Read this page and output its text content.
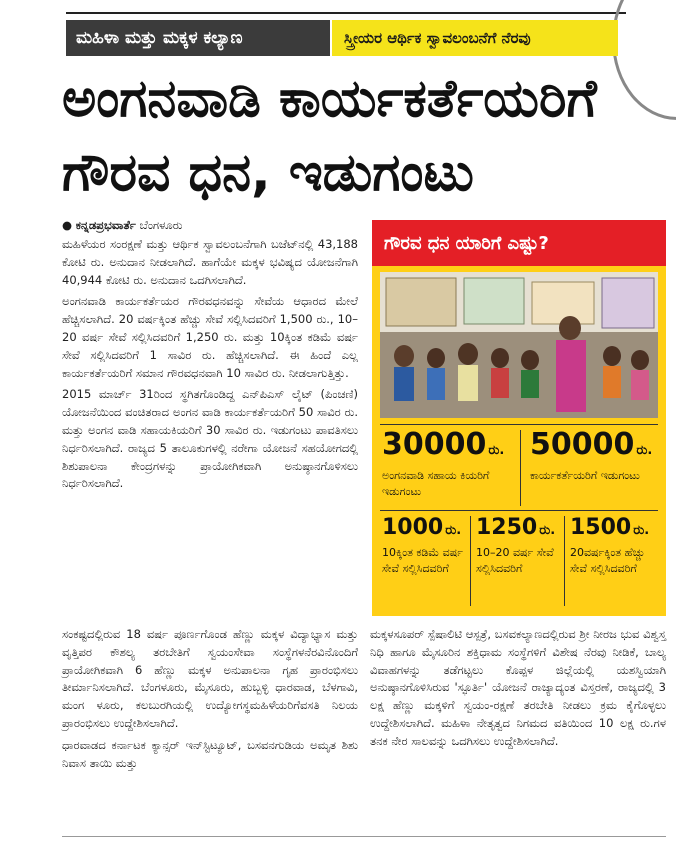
ಮಹಿಳಾ ಮತ್ತು ಮಕ್ಕಳ ಕಲ್ಯಾಣ	ಸ್ತ್ರೀಯರ ಆರ್ಥಿಕ ಸ್ವಾವಲಂಬನೆಗೆ ನೆರವು
ಅಂಗನವಾಡಿ ಕಾರ್ಯಕರ್ತೆಯರಿಗೆ
ಗೌರವ ಧನ, ಇಡುಗಂಟು
● ಕನ್ನಡಪ್ರಭವಾರ್ತೆ ಬೆಂಗಳೂರು

ಮಹಿಳೆಯರ ಸಂರಕ್ಷಣೆ ಮತ್ತು ಆರ್ಥಿಕ ಸ್ವಾವಲಂಬನೆಗಾಗಿ ಬಜೆಟ್‌ನಲ್ಲಿ 43,188 ಕೋಟಿ ರು. ಅನುದಾನ ನೀಡಲಾಗಿದೆ. ಹಾಗೆಯೇ ಮಕ್ಕಳ ಭವಿಷ್ಯದ ಯೋಜನೆಗಾಗಿ 40,944 ಕೋಟಿ ರು. ಅನುದಾನ ಒದಗಿಸಲಾಗಿದೆ.

ಅಂಗನವಾಡಿ ಕಾರ್ಯಕರ್ತೆಯರ ಗೌರವಧನವನ್ನು ಸೇವೆಯ ಆಧಾರದ ಮೇಲೆ ಹೆಚ್ಚಿಸಲಾಗಿದೆ. 20 ವರ್ಷಕ್ಕಿಂತ ಹೆಚ್ಚು ಸೇವೆ ಸಲ್ಲಿಸಿದವರಿಗೆ 1,500 ರು., 10–20 ವರ್ಷ ಸೇವೆ ಸಲ್ಲಿಸಿದವರಿಗೆ 1,250 ರು. ಮತ್ತು 10ಕ್ಕಿಂತ ಕಡಿಮೆ ವರ್ಷ ಸೇವೆ ಸಲ್ಲಿಸಿದವರಿಗೆ 1 ಸಾವಿರ ರು. ಹೆಚ್ಚಿಸಲಾಗಿದೆ. ಈ ಹಿಂದೆ ಎಲ್ಲ ಕಾರ್ಯಕರ್ತೆಯರಿಗೆ ಸಮಾನ ಗೌರವಧನವಾಗಿ 10 ಸಾವಿರ ರು. ನೀಡಲಾಗುತ್ತಿತ್ತು.

2015 ಮಾರ್ಚ್ 31ರಿಂದ ಸ್ಥಗಿತಗೊಂಡಿದ್ದ ಎನ್‌ಪಿಎಸ್ ಲೈಟ್ (ಪಿಂಚಣಿ) ಯೋಜನೆಯಿಂದ ವಂಚಿತರಾದ ಅಂಗನ ವಾಡಿ ಕಾರ್ಯಕರ್ತೆಯರಿಗೆ 50 ಸಾವಿರ ರು. ಮತ್ತು ಅಂಗನ ವಾಡಿ ಸಹಾಯಕಿಯರಿಗೆ 30 ಸಾವಿರ ರು. ಇಡುಗಂಟು ಪಾವತಿಸಲು ನಿರ್ಧರಿಸಲಾಗಿದೆ. ರಾಜ್ಯದ 5 ತಾಲೂಕುಗಳಲ್ಲಿ ನರೇಗಾ ಯೋಜನೆ ಸಹಯೋಗದಲ್ಲಿ ಶಿಶುಪಾಲನಾ ಕೇಂದ್ರಗಳನ್ನು ಪ್ರಾಯೋಗಿಕವಾಗಿ ಅನುಷ್ಠಾನಗೊಳಿಸಲು ನಿರ್ಧರಿಸಲಾಗಿದೆ.

ಗೌರವ ಧನ ಯಾರಿಗೆ ಎಷ್ಟು?
30000 ರು.
ಅಂಗನವಾಡಿ ಸಹಾಯ ಕಿಯರಿಗೆ ಇಡುಗಂಟು
50000 ರು.
ಕಾರ್ಯಕರ್ತೆಯರಿಗೆ ಇಡುಗಂಟು
1000 ರು.
10ಕ್ಕಿಂತ ಕಡಿಮೆ ವರ್ಷ ಸೇವೆ ಸಲ್ಲಿಸಿದವರಿಗೆ
1250 ರು.
10–20 ವರ್ಷ ಸೇವೆ ಸಲ್ಲಿಸಿದವರಿಗೆ
1500 ರು.
20ವರ್ಷಕ್ಕಿಂತ ಹೆಚ್ಚು ಸೇವೆ ಸಲ್ಲಿಸಿದವರಿಗೆ

ಸಂಕಷ್ಟದಲ್ಲಿರುವ 18 ವರ್ಷ ಪೂರ್ಣಗೊಂಡ ಹೆಣ್ಣು ಮಕ್ಕಳ ವಿದ್ಯಾಭ್ಯಾಸ ಮತ್ತು ವೃತ್ತಿಪರ ಕೌಶಲ್ಯ ತರಬೇತಿಗೆ ಸ್ವಯಂಸೇವಾ ಸಂಸ್ಥೆಗಳನೆರವಿನೊಂದಿಗೆ ಪ್ರಾಯೋಗಿಕವಾಗಿ 6 ಹೆಣ್ಣು ಮಕ್ಕಳ ಅನುಪಾಲನಾ ಗೃಹ ಪ್ರಾರಂಭಿಸಲು ತೀರ್ಮಾನಿಸಲಾಗಿದೆ. ಬೆಂಗಳೂರು, ಮೈಸೂರು, ಹುಬ್ಬಳ್ಳಿ ಧಾರವಾಡ, ಬೆಳಗಾವಿ, ಮಂಗ ಳೂರು, ಕಲಬುರಗಿಯಲ್ಲಿ ಉದ್ಯೋಗಸ್ಥಮಹಿಳೆಯರಿಗೆವಸತಿ ನಿಲಯ ಪ್ರಾರಂಭಿಸಲು ಉದ್ದೇಶಿಸಲಾಗಿದೆ.

ಧಾರವಾಡದ ಕರ್ನಾಟಕ ಕ್ಯಾನ್ಸರ್ ಇನ್‌ಸ್ಟಿಟ್ಯೂಟ್, ಬಸವನಗುಡಿಯ ಅಮೃತ ಶಿಶು ನಿವಾಸ ತಾಯಿ ಮತ್ತು

ಮಕ್ಕಳಸೂಪರ್ ಸ್ಪೆಷಾಲಿಟಿ ಆಸ್ಪತ್ರೆ, ಬಸವಕಲ್ಯಾಣದಲ್ಲಿರುವ ಶ್ರೀ ನೀರಜ ಭುವ ವಿಶ್ವಸ್ತ ನಿಧಿ ಹಾಗೂ ಮೈಸೂರಿನ ಶಕ್ತಿಧಾಮ ಸಂಸ್ಥೆಗಳಿಗೆ ವಿಶೇಷ ನೆರವು ನೀಡಿಕೆ, ಬಾಲ್ಯ ವಿವಾಹಗಳನ್ನು ತಡೆಗಟ್ಟಲು ಕೊಪ್ಪಳ ಜಿಲ್ಲೆಯಲ್ಲಿ ಯಶಸ್ವಿಯಾಗಿ ಅನುಷ್ಠಾನಗೊಳಿಸಿರುವ 'ಸ್ಫೂರ್ತಿ' ಯೋಜನೆ ರಾಜ್ಯಾದ್ಯಂತ ವಿಸ್ತರಣೆ, ರಾಜ್ಯದಲ್ಲಿ 3 ಲಕ್ಷ ಹೆಣ್ಣು ಮಕ್ಕಳಿಗೆ ಸ್ವಯಂ-ರಕ್ಷಣೆ ತರಬೇತಿ ನೀಡಲು ಕ್ರಮ ಕೈಗೊಳ್ಳಲು ಉದ್ದೇಶಿಸಲಾಗಿದೆ. ಮಹಿಳಾ ನೇತೃತ್ವದ ನಿಗಮದ ವತಿಯಿಂದ 10 ಲಕ್ಷ ರು.ಗಳ ತನಕ ನೇರ ಸಾಲವನ್ನು ಒದಗಿಸಲು ಉದ್ದೇಶಿಸಲಾಗಿದೆ.
